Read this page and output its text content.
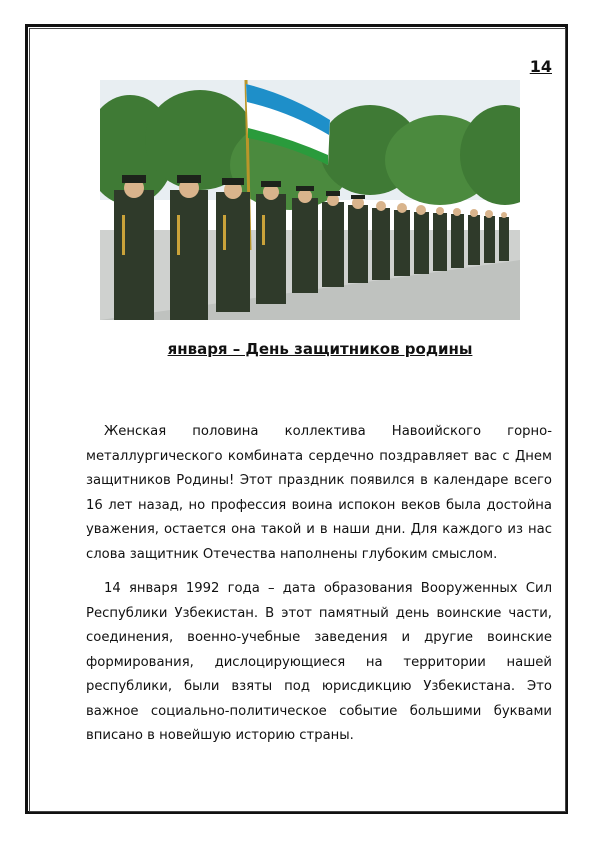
14
января – День защитников родины

Женская половина коллектива Навоийского горно-металлургического комбината сердечно поздравляет вас с Днем защитников Родины! Этот праздник появился в календаре всего 16 лет назад, но профессия воина испокон веков была достойна уважения, остается она такой и в наши дни. Для каждого из нас слова защитник Отечества наполнены глубоким смыслом.

14 января 1992 года – дата образования Вооруженных Сил Республики Узбекистан. В этот памятный день воинские части, соединения, военно-учебные заведения и другие воинские формирования, дислоцирующиеся на территории нашей республики, были взяты под юрисдикцию Узбекистана. Это важное социально-политическое событие большими буквами вписано в новейшую историю страны.
